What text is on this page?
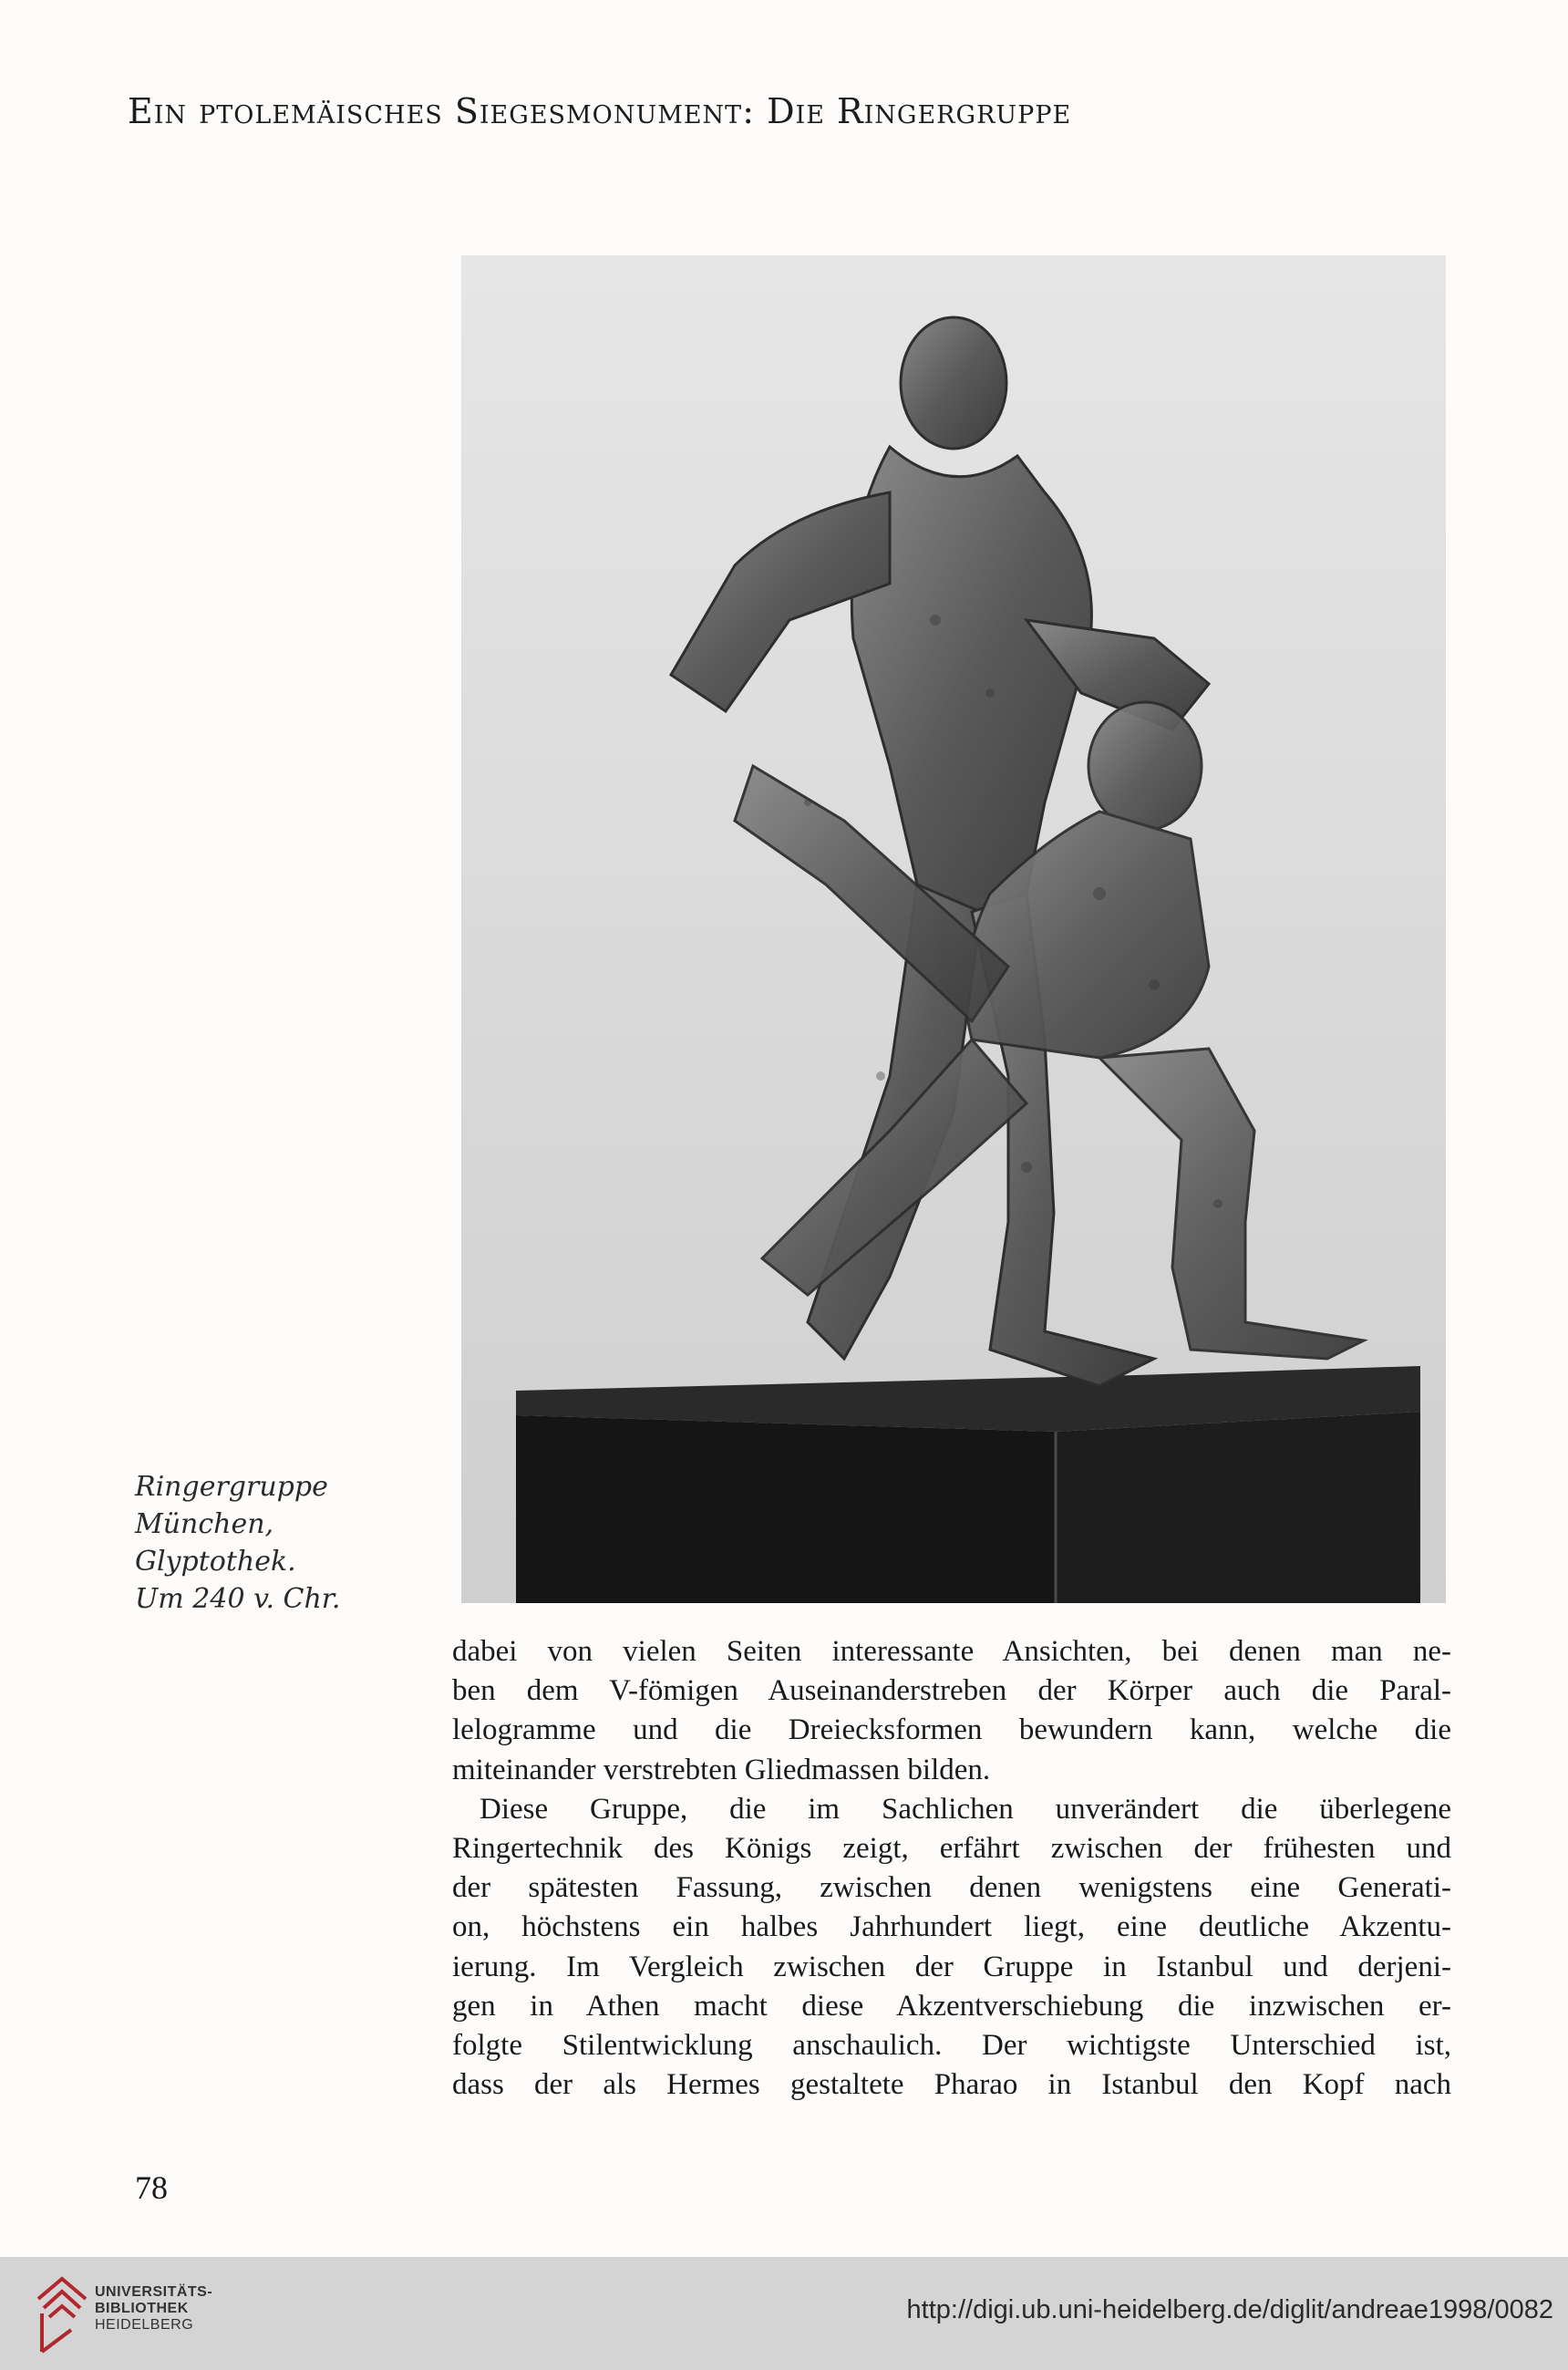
Ein ptolemäisches Siegesmonument: Die Ringergruppe
Ringergruppe
München,
Glyptothek.
Um 240 v. Chr.
dabei von vielen Seiten interessante Ansichten, bei denen man ne-
ben dem V-fömigen Auseinanderstreben der Körper auch die Paral-
lelogramme und die Dreiecksformen bewundern kann, welche die
miteinander verstrebten Gliedmassen bilden.
Diese Gruppe, die im Sachlichen unverändert die überlegene
Ringertechnik des Königs zeigt, erfährt zwischen der frühesten und
der spätesten Fassung, zwischen denen wenigstens eine Generati-
on, höchstens ein halbes Jahrhundert liegt, eine deutliche Akzentu-
ierung. Im Vergleich zwischen der Gruppe in Istanbul und derjeni-
gen in Athen macht diese Akzentverschiebung die inzwischen er-
folgte Stilentwicklung anschaulich. Der wichtigste Unterschied ist,
dass der als Hermes gestaltete Pharao in Istanbul den Kopf nach
78
UNIVERSITÄTS-
BIBLIOTHEK
HEIDELBERG
http://digi.ub.uni-heidelberg.de/diglit/andreae1998/0082
